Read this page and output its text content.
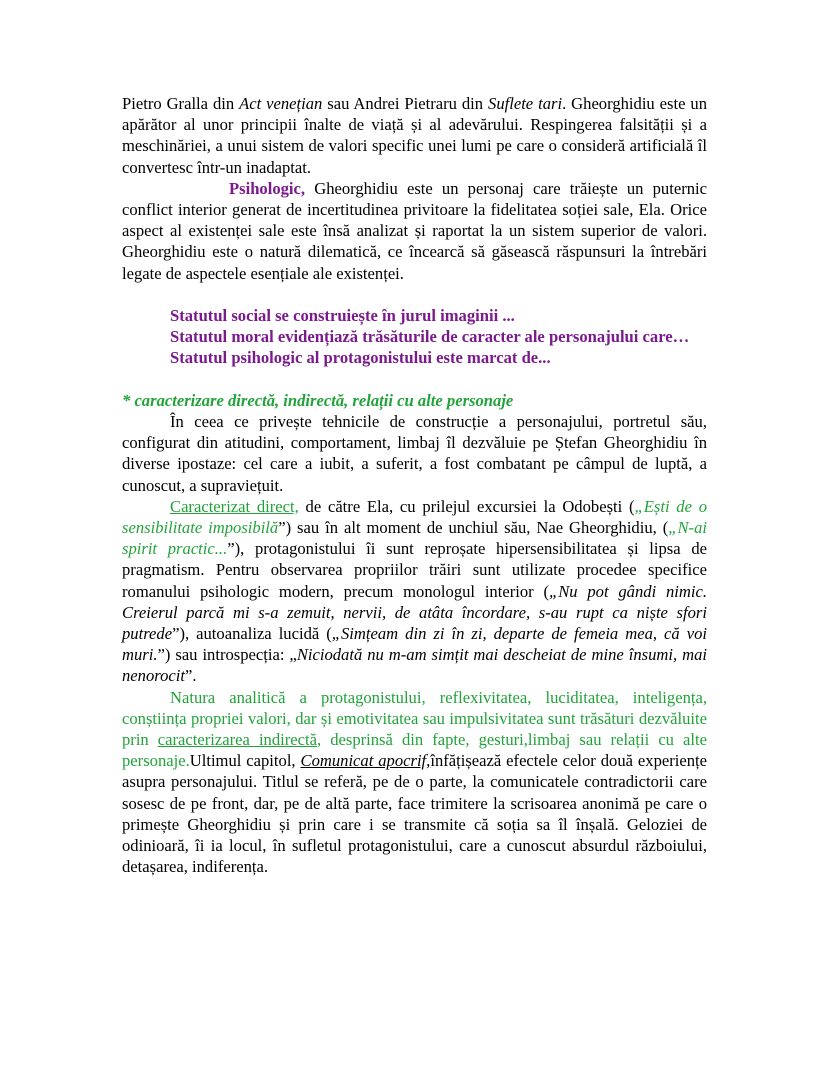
Pietro Gralla din Act venețian sau Andrei Pietraru din Suflete tari. Gheorghidiu este un apărător al unor principii înalte de viață și al adevărului. Respingerea falsității și a meschinăriei, a unui sistem de valori specific unei lumi pe care o consideră artificială îl convertesc într-un inadaptat.

Psihologic, Gheorghidiu este un personaj care trăiește un puternic conflict interior generat de incertitudinea privitoare la fidelitatea soției sale, Ela. Orice aspect al existenței sale este însă analizat și raportat la un sistem superior de valori. Gheorghidiu este o natură dilematică, ce încearcă să găsească răspunsuri la întrebări legate de aspectele esențiale ale existenței.

Statutul social se construiește în jurul imaginii ...

Statutul moral evidențiază trăsăturile de caracter ale personajului care…

Statutul psihologic al protagonistului este marcat de...

* caracterizare directă, indirectă, relații cu alte personaje

În ceea ce privește tehnicile de construcție a personajului, portretul său, configurat din atitudini, comportament, limbaj îl dezvăluie pe Ștefan Gheorghidiu în diverse ipostaze: cel care a iubit, a suferit, a fost combatant pe câmpul de luptă, a cunoscut, a supraviețuit.

Caracterizat direct, de către Ela, cu prilejul excursiei la Odobești („Ești de o sensibilitate imposibilă”) sau în alt moment de unchiul său, Nae Gheorghidiu, („N-ai spirit practic...”), protagonistului îi sunt reproșate hipersensibilitatea și lipsa de pragmatism. Pentru observarea propriilor trăiri sunt utilizate procedee specifice romanului psihologic modern, precum monologul interior („Nu pot gândi nimic. Creierul parcă mi s-a zemuit, nervii, de atâta încordare, s-au rupt ca niște sfori putrede”), autoanaliza lucidă („Simțeam din zi în zi, departe de femeia mea, că voi muri.”) sau introspecția: „Niciodată nu m-am simțit mai descheiat de mine însumi, mai nenorocit”.

Natura analitică a protagonistului, reflexivitatea, luciditatea, inteligența, conștiința propriei valori, dar și emotivitatea sau impulsivitatea sunt trăsături dezvăluite prin caracterizarea indirectă, desprinsă din fapte, gesturi,limbaj sau relații cu alte personaje.Ultimul capitol, Comunicat apocrif,înfățișează efectele celor două experiențe asupra personajului. Titlul se referă, pe de o parte, la comunicatele contradictorii care sosesc de pe front, dar, pe de altă parte, face trimitere la scrisoarea anonimă pe care o primește Gheorghidiu și prin care i se transmite că soția sa îl înșală. Geloziei de odinioară, îi ia locul, în sufletul protagonistului, care a cunoscut absurdul războiului, detașarea, indiferența.
